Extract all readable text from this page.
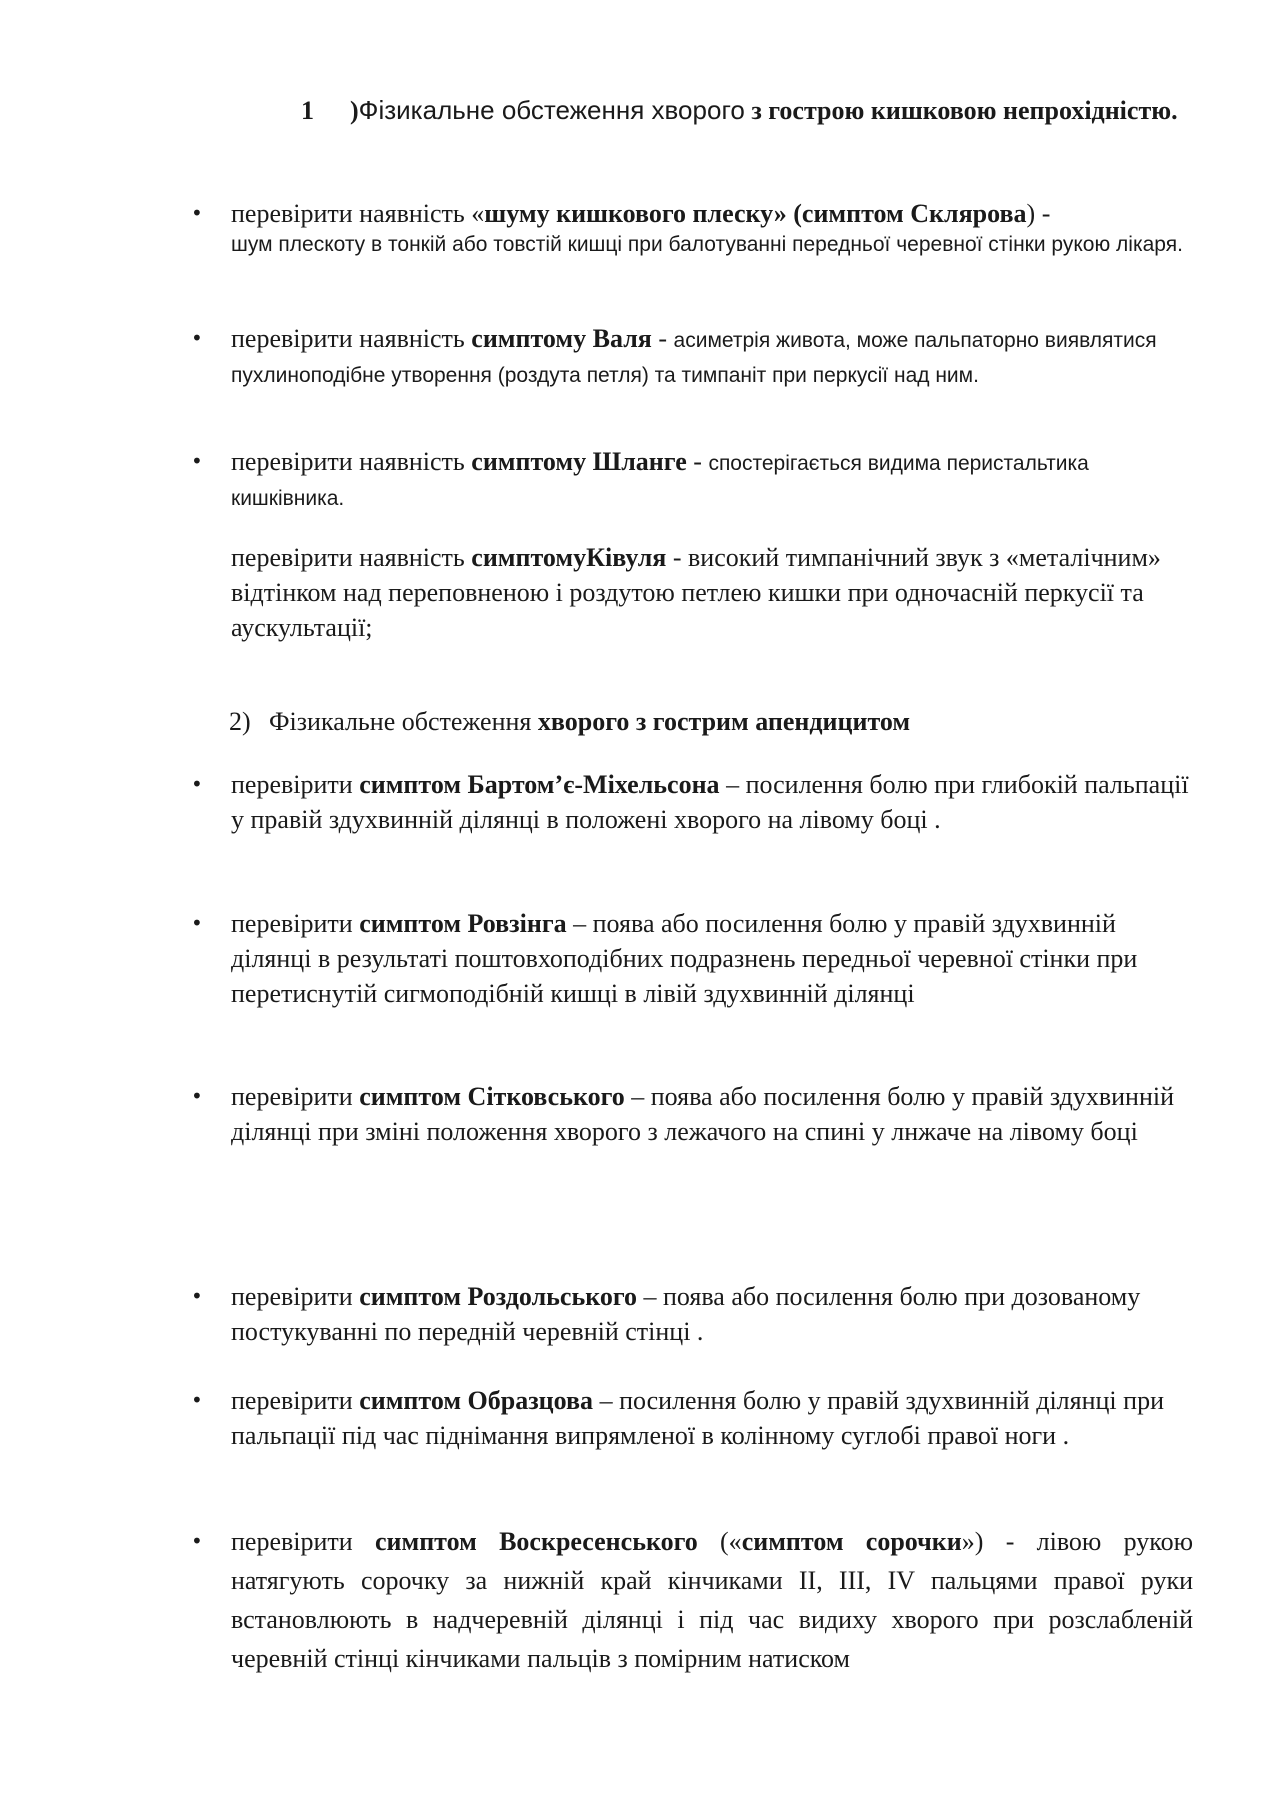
1 )Фізикальне обстеження хворого з гострою кишковою непрохідністю.

• перевірити наявність «шуму кишкового плеску» (симптом Склярова) -
шум плескоту в тонкій або товстій кишці при балотуванні передньої черевної стінки рукою лікаря.
• перевірити наявність симптому Валя - асиметрія живота, може пальпаторно виявлятися пухлиноподібне утворення (роздута петля) та тимпаніт при перкусії над ним.
• перевірити наявність симптому Шланге - спостерігається видима перистальтика кишківника.
перевірити наявність симптомуКівуля - високий тимпанічний звук з «металічним» відтінком над переповненою і роздутою петлею кишки при одночасній перкусії та аускультації;

2) Фізикальне обстеження хворого з гострим апендицитом

• перевірити симптом Бартом’є-Міхельсона – посилення болю при глибокій пальпації у правій здухвинній ділянці в положені хворого на лівому боці .
• перевірити симптом Ровзінга – поява або посилення болю у правій здухвинній ділянці в результаті поштовхоподібних подразнень передньої черевної стінки при перетиснутій сигмоподібній кишці в лівій здухвинній ділянці
• перевірити симптом Сітковського – поява або посилення болю у правій здухвинній ділянці при зміні положення хворого з лежачого на спині у лнжаче на лівому боці
• перевірити симптом Роздольського – поява або посилення болю при дозованому постукуванні по передній черевній стінці .
• перевірити симптом Образцова – посилення болю у правій здухвинній ділянці при пальпації під час піднімання випрямленої в колінному суглобі правої ноги .
• перевірити симптом Воскресенського («симптом сорочки») - лівою рукою натягують сорочку за нижній край кінчиками ІІ, ІІІ, IV пальцями правої руки встановлюють в надчеревній ділянці і під час видиху хворого при розслабленій черевній стінці кінчиками пальців з помірним натиском
